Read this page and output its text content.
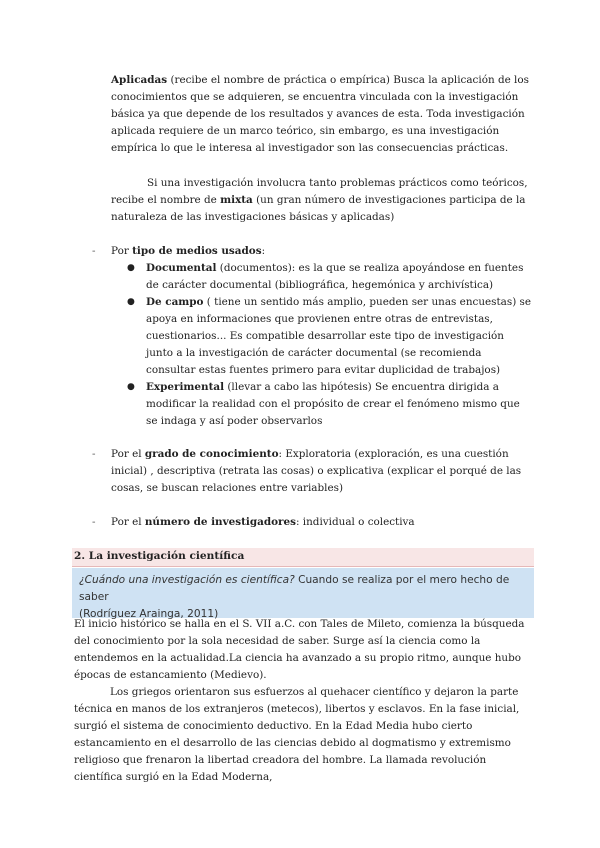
Aplicadas (recibe el nombre de práctica o empírica) Busca la aplicación de los conocimientos que se adquieren, se encuentra vinculada con la investigación básica ya que depende de los resultados y avances de esta. Toda investigación aplicada requiere de un marco teórico, sin embargo, es una investigación empírica lo que le interesa al investigador son las consecuencias prácticas.

Si una investigación involucra tanto problemas prácticos como teóricos, recibe el nombre de mixta (un gran número de investigaciones participa de la naturaleza de las investigaciones básicas y aplicadas)

- Por tipo de medios usados:
● Documental (documentos): es la que se realiza apoyándose en fuentes de carácter documental (bibliográfica, hegemónica y archivística)
● De campo ( tiene un sentido más amplio, pueden ser unas encuestas) se apoya en informaciones que provienen entre otras de entrevistas, cuestionarios... Es compatible desarrollar este tipo de investigación junto a la investigación de carácter documental (se recomienda consultar estas fuentes primero para evitar duplicidad de trabajos)
● Experimental (llevar a cabo las hipótesis) Se encuentra dirigida a modificar la realidad con el propósito de crear el fenómeno mismo que se indaga y así poder observarlos
- Por el grado de conocimiento: Exploratoria (exploración, es una cuestión inicial) , descriptiva (retrata las cosas) o explicativa (explicar el porqué de las cosas, se buscan relaciones entre variables)
- Por el número de investigadores: individual o colectiva
2. La investigación científica
¿Cuándo una investigación es científica? Cuando se realiza por el mero hecho de saber
(Rodríguez Arainga, 2011)

El inicio histórico se halla en el S. VII a.C. con Tales de Mileto, comienza la búsqueda del conocimiento por la sola necesidad de saber. Surge así la ciencia como la entendemos en la actualidad.La ciencia ha avanzado a su propio ritmo, aunque hubo épocas de estancamiento (Medievo).

Los griegos orientaron sus esfuerzos al quehacer científico y dejaron la parte técnica en manos de los extranjeros (metecos), libertos y esclavos. En la fase inicial, surgió el sistema de conocimiento deductivo. En la Edad Media hubo cierto estancamiento en el desarrollo de las ciencias debido al dogmatismo y extremismo religioso que frenaron la libertad creadora del hombre. La llamada revolución científica surgió en la Edad Moderna,
